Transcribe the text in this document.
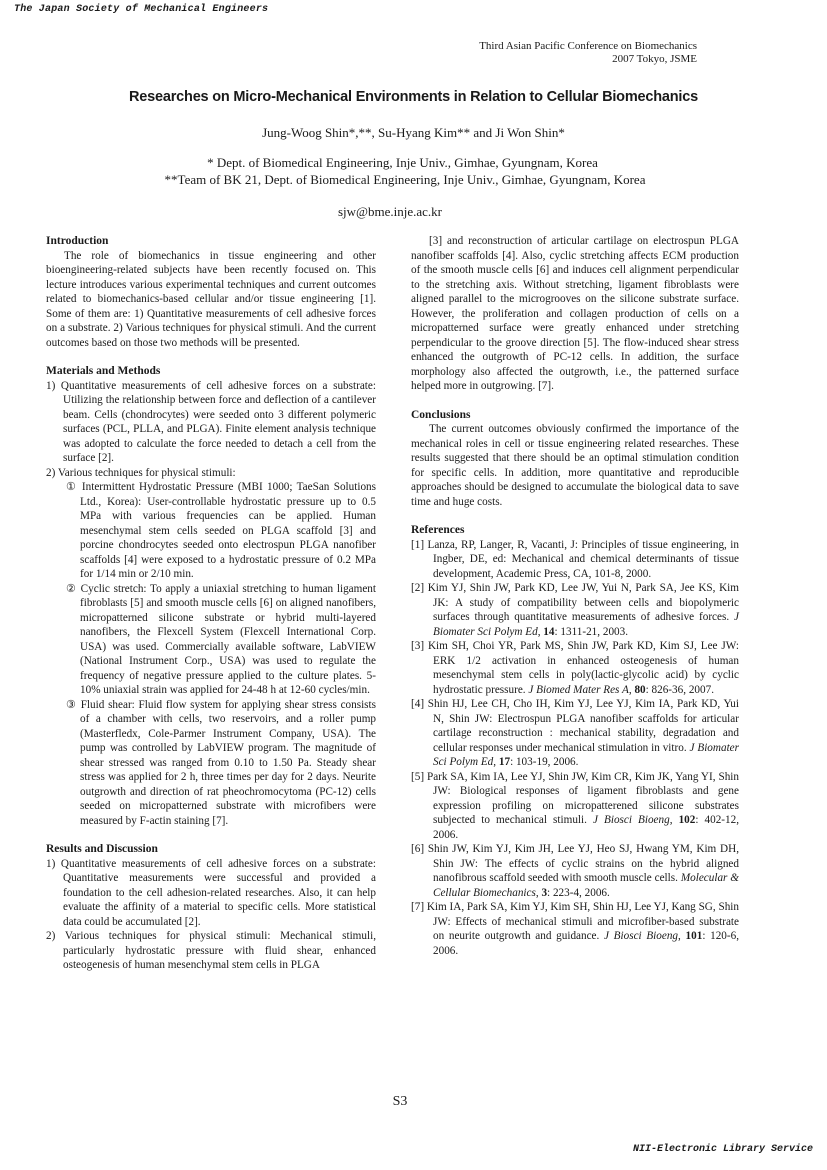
The Japan Society of Mechanical Engineers
Third Asian Pacific Conference on Biomechanics
2007 Tokyo, JSME
Researches on Micro-Mechanical Environments in Relation to Cellular Biomechanics
Jung-Woog Shin*,**, Su-Hyang Kim** and Ji Won Shin*
* Dept. of Biomedical Engineering, Inje Univ., Gimhae, Gyungnam, Korea
**Team of BK 21, Dept. of Biomedical Engineering, Inje Univ., Gimhae, Gyungnam, Korea
sjw@bme.inje.ac.kr
Introduction

The role of biomechanics in tissue engineering and other bioengineering-related subjects have been recently focused on. This lecture introduces various experimental techniques and current outcomes related to biomechanics-based cellular and/or tissue engineering [1]. Some of them are: 1) Quantitative measurements of cell adhesive forces on a substrate. 2) Various techniques for physical stimuli. And the current outcomes based on those two methods will be presented.

Materials and Methods

1) Quantitative measurements of cell adhesive forces on a substrate: Utilizing the relationship between force and deflection of a cantilever beam. Cells (chondrocytes) were seeded onto 3 different polymeric surfaces (PCL, PLLA, and PLGA). Finite element analysis technique was adopted to calculate the force needed to detach a cell from the surface [2].

2) Various techniques for physical stimuli:

① Intermittent Hydrostatic Pressure (MBI 1000; TaeSan Solutions Ltd., Korea): User-controllable hydrostatic pressure up to 0.5 MPa with various frequencies can be applied. Human mesenchymal stem cells seeded on PLGA scaffold [3] and porcine chondrocytes seeded onto electrospun PLGA nanofiber scaffolds [4] were exposed to a hydrostatic pressure of 0.2 MPa for 1/14 min or 2/10 min.

② Cyclic stretch: To apply a uniaxial stretching to human ligament fibroblasts [5] and smooth muscle cells [6] on aligned nanofibers, micropatterned silicone substrate or hybrid multi-layered nanofibers, the Flexcell System (Flexcell International Corp. USA) was used. Commercially available software, LabVIEW (National Instrument Corp., USA) was used to regulate the frequency of negative pressure applied to the culture plates. 5-10% uniaxial strain was applied for 24-48 h at 12-60 cycles/min.

③ Fluid shear: Fluid flow system for applying shear stress consists of a chamber with cells, two reservoirs, and a roller pump (Masterfledx, Cole-Parmer Instrument Company, USA). The pump was controlled by LabVIEW program. The magnitude of shear stressed was ranged from 0.10 to 1.50 Pa. Steady shear stress was applied for 2 h, three times per day for 2 days. Neurite outgrowth and direction of rat pheochromocytoma (PC-12) cells seeded on micropatterned substrate with microfibers were measured by F-actin staining [7].

Results and Discussion

1) Quantitative measurements of cell adhesive forces on a substrate: Quantitative measurements were successful and provided a foundation to the cell adhesion-related researches. Also, it can help evaluate the affinity of a material to specific cells. More statistical data could be accumulated [2].

2) Various techniques for physical stimuli: Mechanical stimuli, particularly hydrostatic pressure with fluid shear, enhanced osteogenesis of human mesenchymal stem cells in PLGA

[3] and reconstruction of articular cartilage on electrospun PLGA nanofiber scaffolds [4]. Also, cyclic stretching affects ECM production of the smooth muscle cells [6] and induces cell alignment perpendicular to the stretching axis. Without stretching, ligament fibroblasts were aligned parallel to the microgrooves on the silicone substrate surface. However, the proliferation and collagen production of cells on a micropatterned surface were greatly enhanced under stretching perpendicular to the groove direction [5]. The flow-induced shear stress enhanced the outgrowth of PC-12 cells. In addition, the surface morphology also affected the outgrowth, i.e., the patterned surface helped more in outgrowing. [7].

Conclusions

The current outcomes obviously confirmed the importance of the mechanical roles in cell or tissue engineering related researches. These results suggested that there should be an optimal stimulation condition for specific cells. In addition, more quantitative and reproducible approaches should be designed to accumulate the biological data to save time and huge costs.

References

[1] Lanza, RP, Langer, R, Vacanti, J: Principles of tissue engineering, in Ingber, DE, ed: Mechanical and chemical determinants of tissue development, Academic Press, CA, 101-8, 2000.

[2] Kim YJ, Shin JW, Park KD, Lee JW, Yui N, Park SA, Jee KS, Kim JK: A study of compatibility between cells and biopolymeric surfaces through quantitative measurements of adhesive forces. J Biomater Sci Polym Ed, 14: 1311-21, 2003.

[3] Kim SH, Choi YR, Park MS, Shin JW, Park KD, Kim SJ, Lee JW: ERK 1/2 activation in enhanced osteogenesis of human mesenchymal stem cells in poly(lactic-glycolic acid) by cyclic hydrostatic pressure. J Biomed Mater Res A, 80: 826-36, 2007.

[4] Shin HJ, Lee CH, Cho IH, Kim YJ, Lee YJ, Kim IA, Park KD, Yui N, Shin JW: Electrospun PLGA nanofiber scaffolds for articular cartilage reconstruction : mechanical stability, degradation and cellular responses under mechanical stimulation in vitro. J Biomater Sci Polym Ed, 17: 103-19, 2006.

[5] Park SA, Kim IA, Lee YJ, Shin JW, Kim CR, Kim JK, Yang YI, Shin JW: Biological responses of ligament fibroblasts and gene expression profiling on micropatterened silicone substrates subjected to mechanical stimuli. J Biosci Bioeng, 102: 402-12, 2006.

[6] Shin JW, Kim YJ, Kim JH, Lee YJ, Heo SJ, Hwang YM, Kim DH, Shin JW: The effects of cyclic strains on the hybrid aligned nanofibrous scaffold seeded with smooth muscle cells. Molecular & Cellular Biomechanics, 3: 223-4, 2006.

[7] Kim IA, Park SA, Kim YJ, Kim SH, Shin HJ, Lee YJ, Kang SG, Shin JW: Effects of mechanical stimuli and microfiber-based substrate on neurite outgrowth and guidance. J Biosci Bioeng, 101: 120-6, 2006.

S3
NII-Electronic Library Service
